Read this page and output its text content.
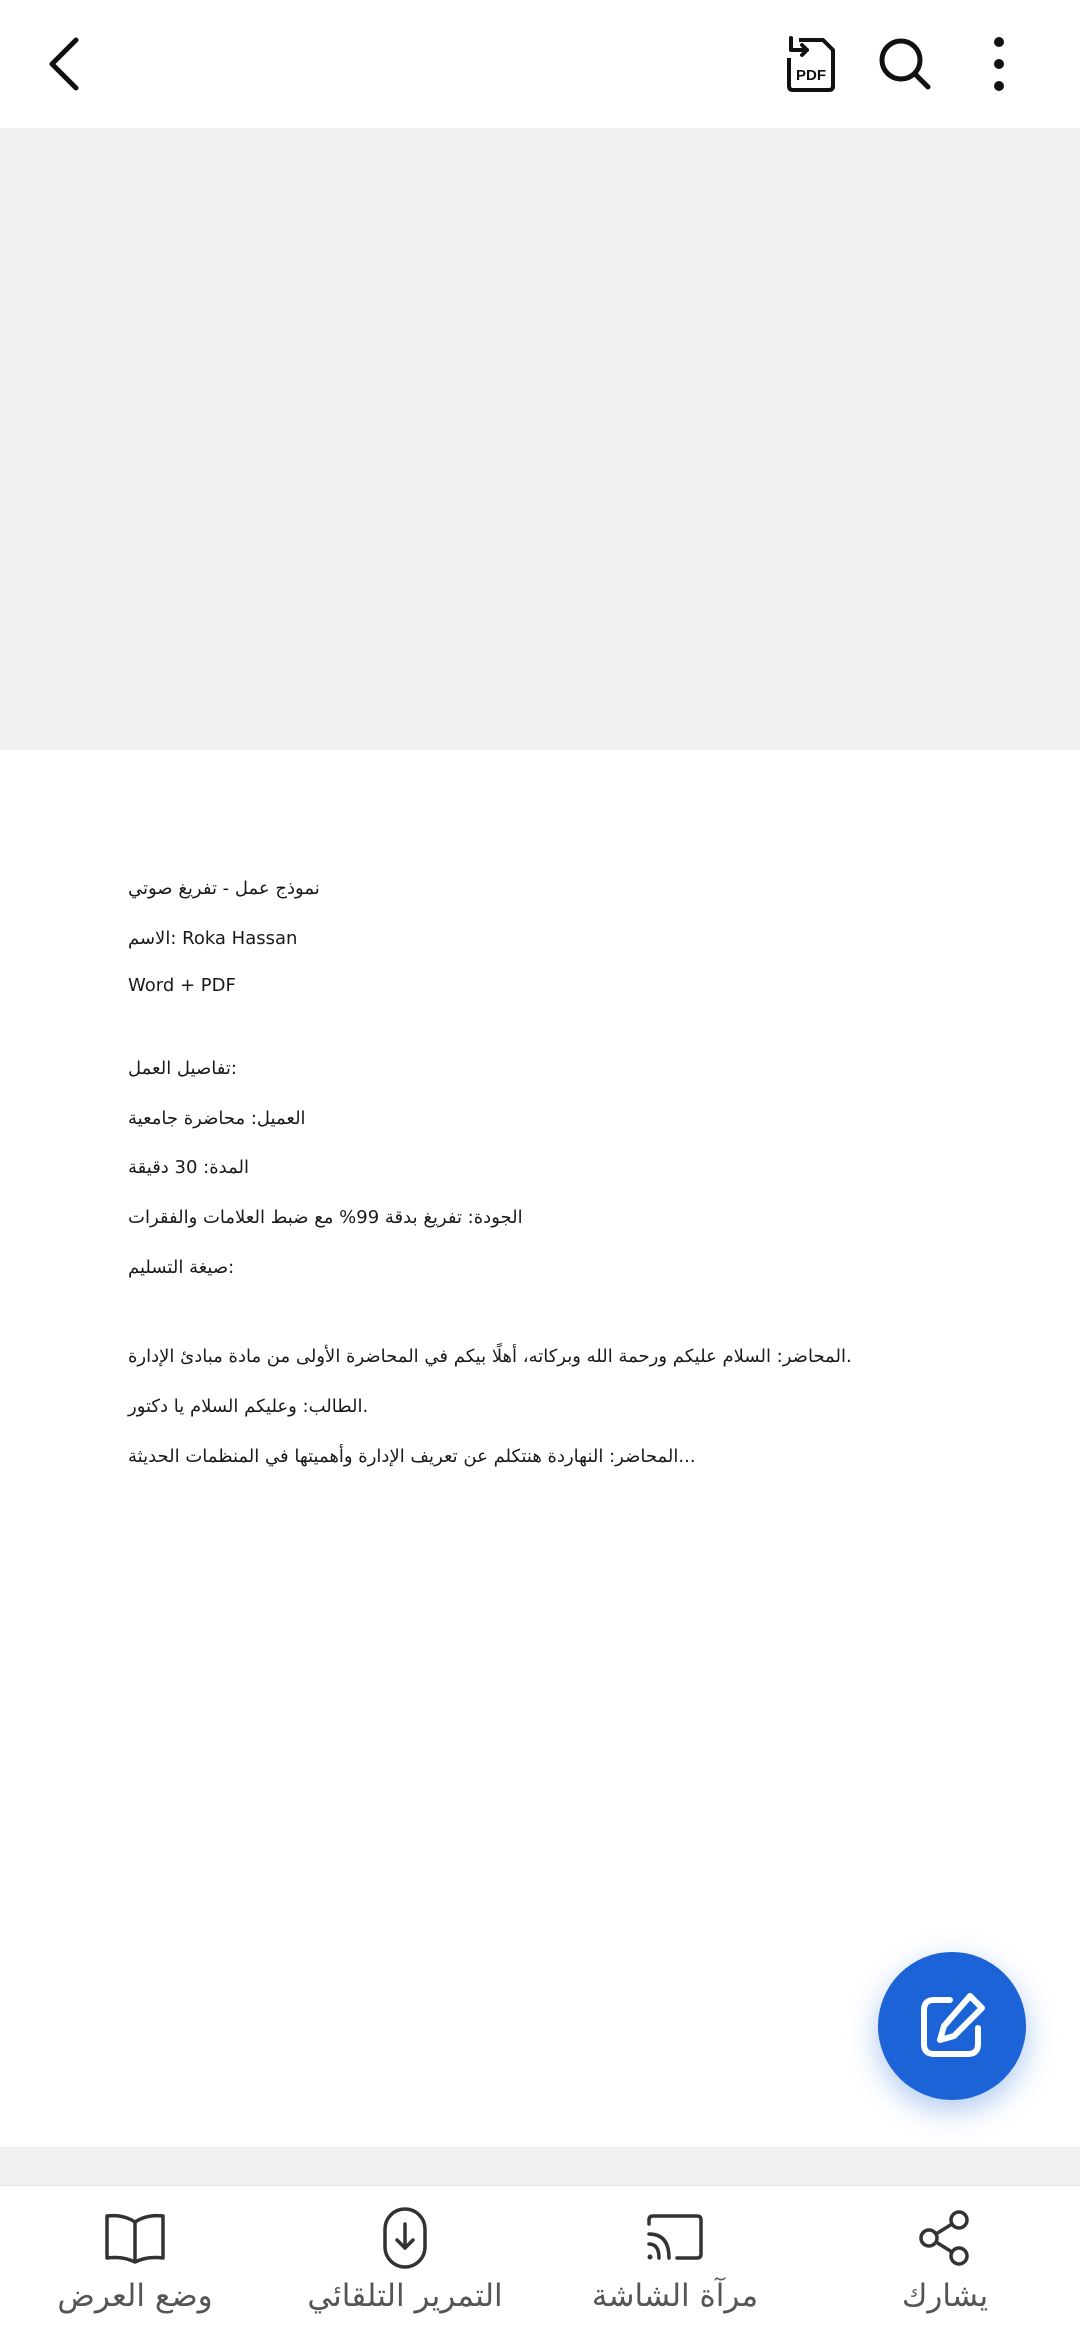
PDF
نموذج عمل - تفريغ صوتي
الاسم: Roka Hassan
Word + PDF
تفاصيل العمل:
العميل: محاضرة جامعية
المدة: 30 دقيقة
الجودة: تفريغ بدقة 99% مع ضبط العلامات والفقرات
صيغة التسليم:
المحاضر: السلام عليكم ورحمة الله وبركاته، أهلًا بيكم في المحاضرة الأولى من مادة مبادئ الإدارة.
الطالب: وعليكم السلام يا دكتور.
المحاضر: النهاردة هنتكلم عن تعريف الإدارة وأهميتها في المنظمات الحديثة...
يشارك
مرآة الشاشة
التمرير التلقائي
وضع العرض
